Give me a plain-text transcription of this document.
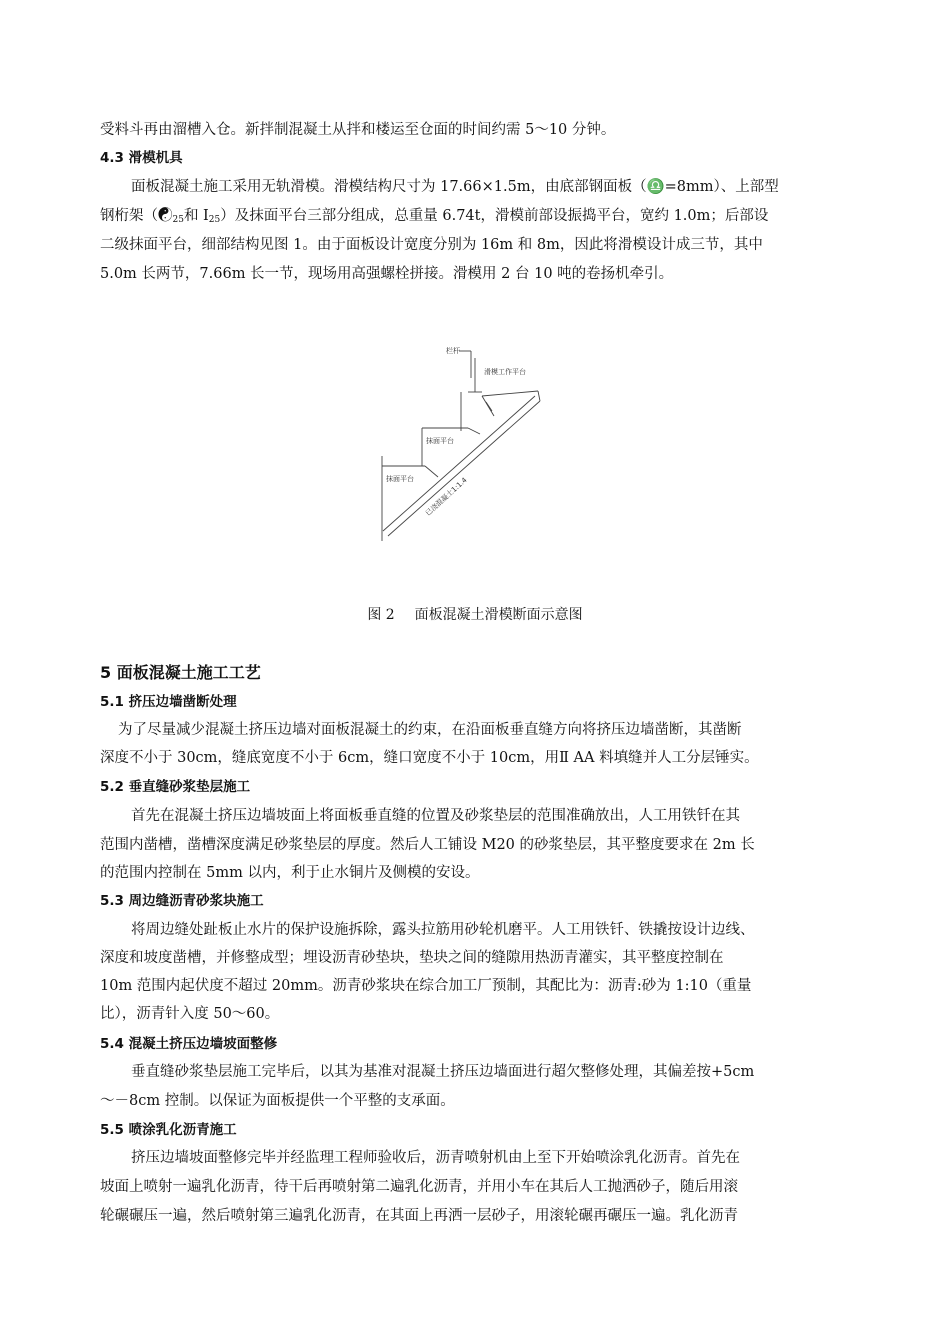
受料斗再由溜槽入仓。新拌制混凝土从拌和楼运至仓面的时间约需 5～10 分钟。
4.3 滑模机具
面板混凝土施工采用无轨滑模。滑模结构尺寸为 17.66×1.5m，由底部钢面板（♎=8mm）、上部型
钢桁架（$☯_{25}$和 $I_{25}$）及抹面平台三部分组成，总重量 6.74t，滑模前部设振捣平台，宽约 1.0m；后部设
二级抹面平台，细部结构见图 1。由于面板设计宽度分别为 16m 和 8m，因此将滑模设计成三节，其中
5.0m 长两节，7.66m 长一节，现场用高强螺栓拼接。滑模用 2 台 10 吨的卷扬机牵引。
栏杆
滑模工作平台
抹面平台
抹面平台 已浇混凝土1:1.4
图 2 面板混凝土滑模断面示意图
5 面板混凝土施工工艺
5.1 挤压边墙凿断处理
为了尽量减少混凝土挤压边墙对面板混凝土的约束，在沿面板垂直缝方向将挤压边墙凿断，其凿断
深度不小于 30cm，缝底宽度不小于 6cm，缝口宽度不小于 10cm，用Ⅱ AA 料填缝并人工分层锤实。
5.2 垂直缝砂浆垫层施工
首先在混凝土挤压边墙坡面上将面板垂直缝的位置及砂浆垫层的范围准确放出，人工用铁钎在其
范围内凿槽，凿槽深度满足砂浆垫层的厚度。然后人工铺设 M20 的砂浆垫层，其平整度要求在 2m 长
的范围内控制在 5mm 以内，利于止水铜片及侧模的安设。
5.3 周边缝沥青砂浆块施工
将周边缝处趾板止水片的保护设施拆除，露头拉筋用砂轮机磨平。人工用铁钎、铁撬按设计边线、
深度和坡度凿槽，并修整成型；埋设沥青砂垫块，垫块之间的缝隙用热沥青灌实，其平整度控制在
10m 范围内起伏度不超过 20mm。沥青砂浆块在综合加工厂预制，其配比为：沥青:砂为 1:10（重量
比），沥青针入度 50～60。
5.4 混凝土挤压边墙坡面整修
垂直缝砂浆垫层施工完毕后，以其为基准对混凝土挤压边墙面进行超欠整修处理，其偏差按+5cm
～－8cm 控制。以保证为面板提供一个平整的支承面。
5.5 喷涂乳化沥青施工
挤压边墙坡面整修完毕并经监理工程师验收后，沥青喷射机由上至下开始喷涂乳化沥青。首先在
坡面上喷射一遍乳化沥青，待干后再喷射第二遍乳化沥青，并用小车在其后人工抛洒砂子，随后用滚
轮碾碾压一遍，然后喷射第三遍乳化沥青，在其面上再洒一层砂子，用滚轮碾再碾压一遍。乳化沥青
